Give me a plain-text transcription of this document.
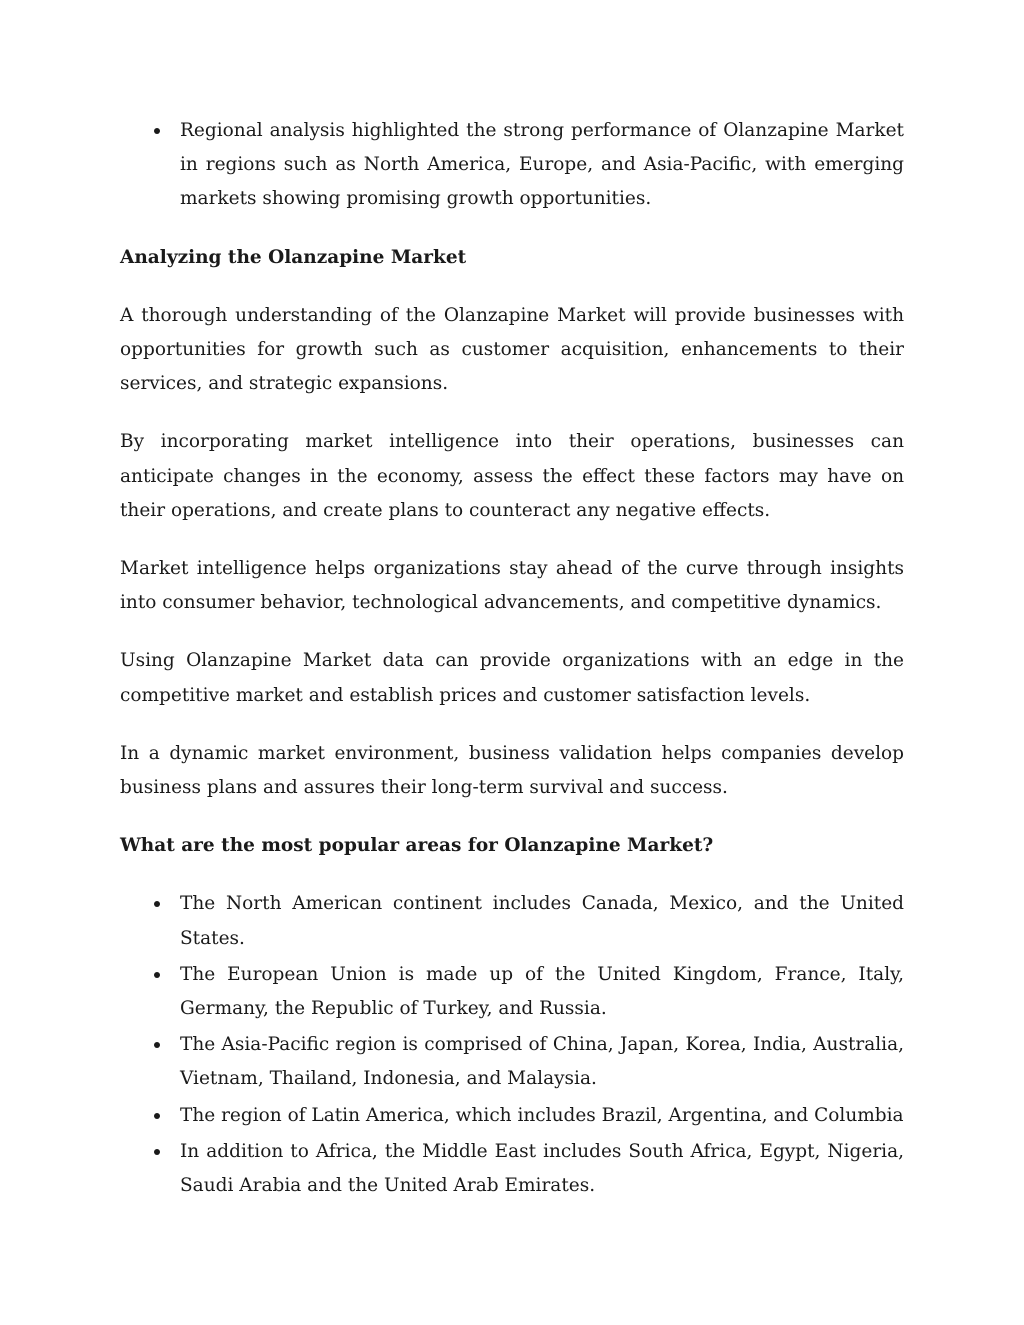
Regional analysis highlighted the strong performance of Olanzapine Market in regions such as North America, Europe, and Asia-Pacific, with emerging markets showing promising growth opportunities.
Analyzing the Olanzapine Market

A thorough understanding of the Olanzapine Market will provide businesses with opportunities for growth such as customer acquisition, enhancements to their services, and strategic expansions.

By incorporating market intelligence into their operations, businesses can anticipate changes in the economy, assess the effect these factors may have on their operations, and create plans to counteract any negative effects.

Market intelligence helps organizations stay ahead of the curve through insights into consumer behavior, technological advancements, and competitive dynamics.

Using Olanzapine Market data can provide organizations with an edge in the competitive market and establish prices and customer satisfaction levels.

In a dynamic market environment, business validation helps companies develop business plans and assures their long-term survival and success.

What are the most popular areas for Olanzapine Market?
The North American continent includes Canada, Mexico, and the United States.
The European Union is made up of the United Kingdom, France, Italy, Germany, the Republic of Turkey, and Russia.
The Asia-Pacific region is comprised of China, Japan, Korea, India, Australia, Vietnam, Thailand, Indonesia, and Malaysia.
The region of Latin America, which includes Brazil, Argentina, and Columbia
In addition to Africa, the Middle East includes South Africa, Egypt, Nigeria, Saudi Arabia and the United Arab Emirates.
